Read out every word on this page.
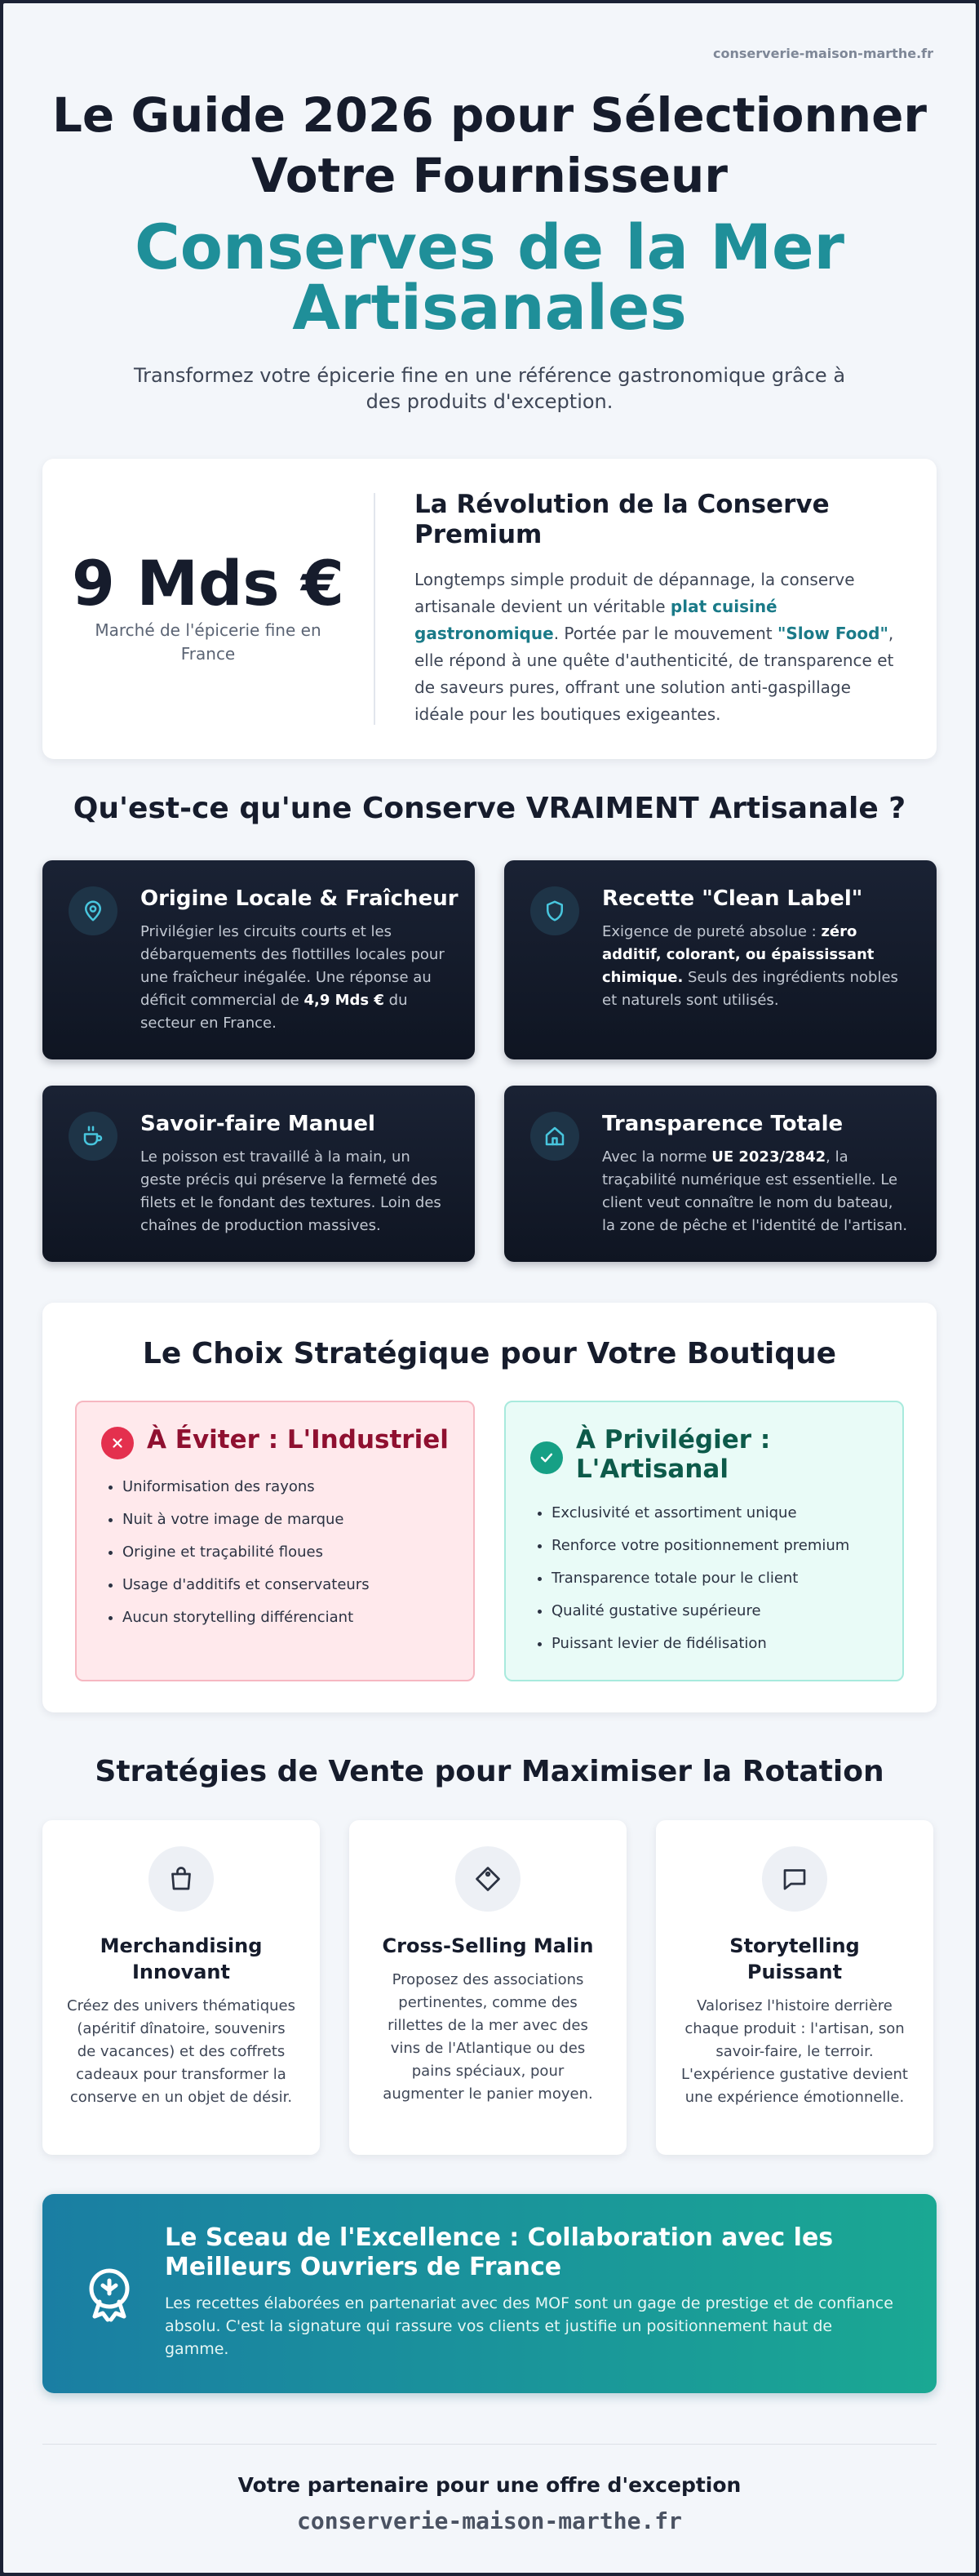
conserverie-maison-marthe.fr
Le Guide 2026 pour Sélectionner Votre Fournisseur
Conserves de la Mer Artisanales

Transformez votre épicerie fine en une référence gastronomique grâce à des produits d'exception.

9 Mds €
Marché de l'épicerie fine en France
La Révolution de la Conserve Premium
Longtemps simple produit de dépannage, la conserve artisanale devient un véritable plat cuisiné gastronomique. Portée par le mouvement "Slow Food", elle répond à une quête d'authenticité, de transparence et de saveurs pures, offrant une solution anti-gaspillage idéale pour les boutiques exigeantes.
Qu'est-ce qu'une Conserve VRAIMENT Artisanale ?
Origine Locale & Fraîcheur
Privilégier les circuits courts et les débarquements des flottilles locales pour une fraîcheur inégalée. Une réponse au déficit commercial de 4,9 Mds € du secteur en France.
Recette "Clean Label"
Exigence de pureté absolue : zéro additif, colorant, ou épaississant chimique. Seuls des ingrédients nobles et naturels sont utilisés.
Savoir-faire Manuel
Le poisson est travaillé à la main, un geste précis qui préserve la fermeté des filets et le fondant des textures. Loin des chaînes de production massives.
Transparence Totale
Avec la norme UE 2023/2842, la traçabilité numérique est essentielle. Le client veut connaître le nom du bateau, la zone de pêche et l'identité de l'artisan.
Le Choix Stratégique pour Votre Boutique
À Éviter : L'Industriel
• Uniformisation des rayons
• Nuit à votre image de marque
• Origine et traçabilité floues
• Usage d'additifs et conservateurs
• Aucun storytelling différenciant
À Privilégier : L'Artisanal
• Exclusivité et assortiment unique
• Renforce votre positionnement premium
• Transparence totale pour le client
• Qualité gustative supérieure
• Puissant levier de fidélisation
Stratégies de Vente pour Maximiser la Rotation
Merchandising Innovant
Créez des univers thématiques (apéritif dînatoire, souvenirs de vacances) et des coffrets cadeaux pour transformer la conserve en un objet de désir.
Cross-Selling Malin
Proposez des associations pertinentes, comme des rillettes de la mer avec des vins de l'Atlantique ou des pains spéciaux, pour augmenter le panier moyen.
Storytelling Puissant
Valorisez l'histoire derrière chaque produit : l'artisan, son savoir-faire, le terroir. L'expérience gustative devient une expérience émotionnelle.
Le Sceau de l'Excellence : Collaboration avec les Meilleurs Ouvriers de France
Les recettes élaborées en partenariat avec des MOF sont un gage de prestige et de confiance absolu. C'est la signature qui rassure vos clients et justifie un positionnement haut de gamme.
Votre partenaire pour une offre d'exception
conserverie-maison-marthe.fr
